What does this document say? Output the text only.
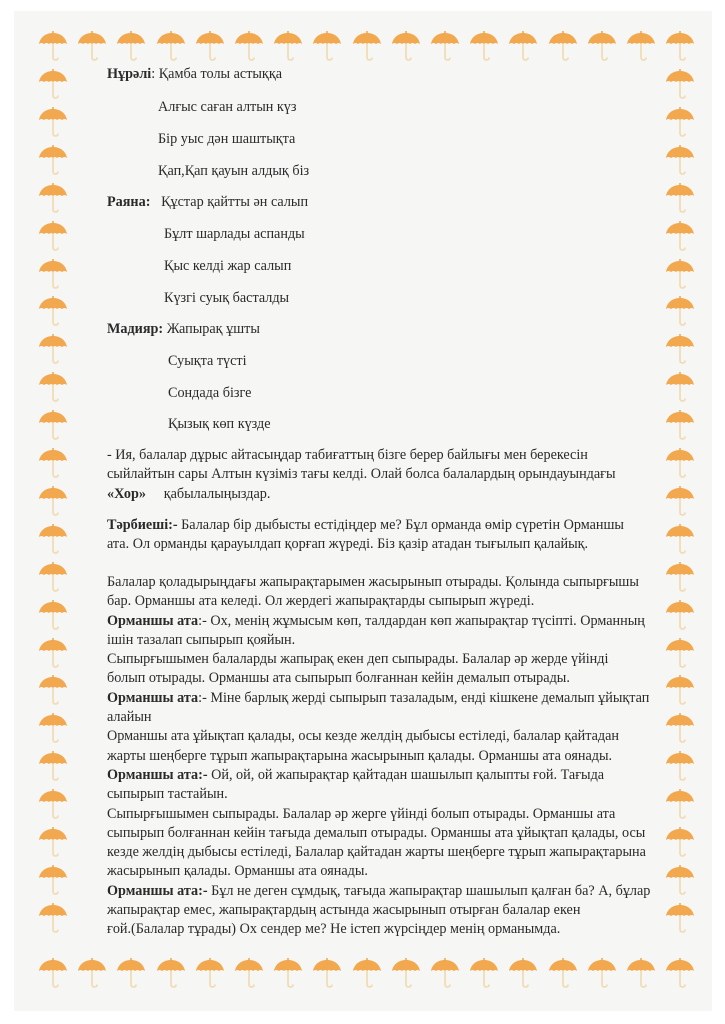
Нұрәлі: Қамба толы астыққа
Алғыс саған алтын күз
Бір уыс дән шаштықта
Қап,Қап қауын алдық біз
Раяна: Құстар қайтты ән салып
Бұлт шарлады аспанды
Қыс келді жар салып
Күзгі суық басталды
Мадияр: Жапырақ ұшты
Суықта түсті
Сондада бізге
Қызық көп күзде
- Ия, балалар дұрыс айтасыңдар табиғаттың бізге берер байлығы мен берекесін
сыйлайтын сары Алтын күзіміз тағы келді. Олай болса балалардың орындауындағы
«Хор» қабылалыңыздар.
Тәрбиеші:- Балалар бір дыбысты естідіңдер ме? Бұл орманда өмір сүретін Орманшы
ата. Ол орманды қарауылдап қорғап жүреді. Біз қазір атадан тығылып қалайық.
Балалар қоладырыңдағы жапырақтарымен жасырынып отырады. Қолында сыпырғышы
бар. Орманшы ата келеді. Ол жердегі жапырақтарды сыпырып жүреді.
Орманшы ата:- Ох, менің жұмысым көп, талдардан көп жапырақтар түсіпті. Орманның
ішін тазалап сыпырып қояйын.
Сыпырғышымен балаларды жапырақ екен деп сыпырады. Балалар әр жерде үйінді
болып отырады. Орманшы ата сыпырып болғаннан кейін демалып отырады.
Орманшы ата:- Міне барлық жерді сыпырып тазаладым, енді кішкене демалып ұйықтап
алайын
Орманшы ата ұйықтап қалады, осы кезде желдің дыбысы естіледі, балалар қайтадан
жарты шеңберге тұрып жапырақтарына жасырынып қалады. Орманшы ата оянады.
Орманшы ата:- Ой, ой, ой жапырақтар қайтадан шашылып қалыпты ғой. Тағыда
сыпырып тастайын.
Сыпырғышымен сыпырады. Балалар әр жерге үйінді болып отырады. Орманшы ата
сыпырып болғаннан кейін тағыда демалып отырады. Орманшы ата ұйықтап қалады, осы
кезде желдің дыбысы естіледі, Балалар қайтадан жарты шеңберге тұрып жапырақтарына
жасырынып қалады. Орманшы ата оянады.
Орманшы ата:- Бұл не деген сұмдық, тағыда жапырақтар шашылып қалған ба? А, бұлар
жапырақтар емес, жапырақтардың астында жасырынып отырған балалар екен
ғой.(Балалар тұрады) Ох сендер ме? Не істеп жүрсіңдер менің орманымда.
